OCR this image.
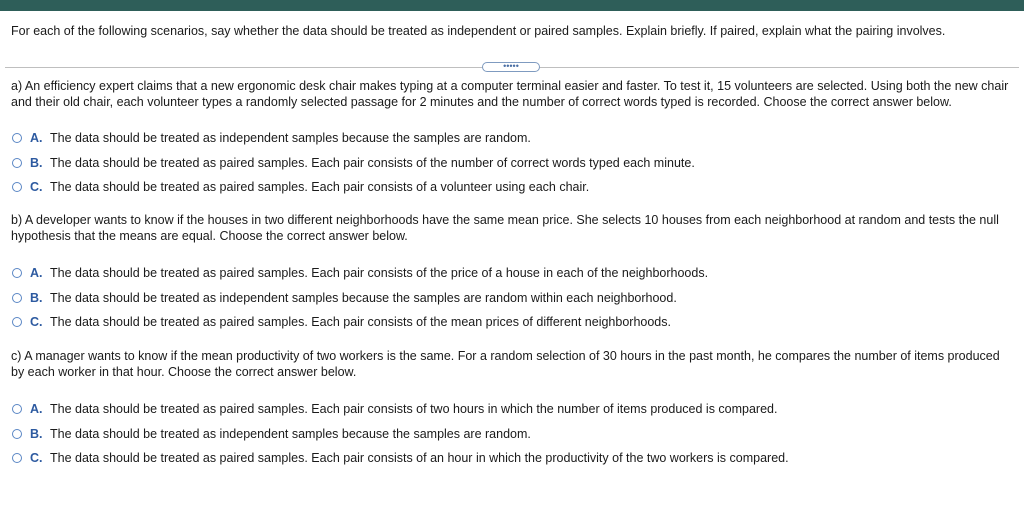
For each of the following scenarios, say whether the data should be treated as independent or paired samples. Explain briefly. If paired, explain what the pairing involves.
•••••
a) An efficiency expert claims that a new ergonomic desk chair makes typing at a computer terminal easier and faster. To test it, 15 volunteers are selected. Using both the new chair and their old chair, each volunteer types a randomly selected passage for 2 minutes and the number of correct words typed is recorded. Choose the correct answer below.
A. The data should be treated as independent samples because the samples are random.
B. The data should be treated as paired samples. Each pair consists of the number of correct words typed each minute.
C. The data should be treated as paired samples. Each pair consists of a volunteer using each chair.
b) A developer wants to know if the houses in two different neighborhoods have the same mean price. She selects 10 houses from each neighborhood at random and tests the null hypothesis that the means are equal. Choose the correct answer below.
A. The data should be treated as paired samples. Each pair consists of the price of a house in each of the neighborhoods.
B. The data should be treated as independent samples because the samples are random within each neighborhood.
C. The data should be treated as paired samples. Each pair consists of the mean prices of different neighborhoods.
c) A manager wants to know if the mean productivity of two workers is the same. For a random selection of 30 hours in the past month, he compares the number of items produced by each worker in that hour. Choose the correct answer below.
A. The data should be treated as paired samples. Each pair consists of two hours in which the number of items produced is compared.
B. The data should be treated as independent samples because the samples are random.
C. The data should be treated as paired samples. Each pair consists of an hour in which the productivity of the two workers is compared.
